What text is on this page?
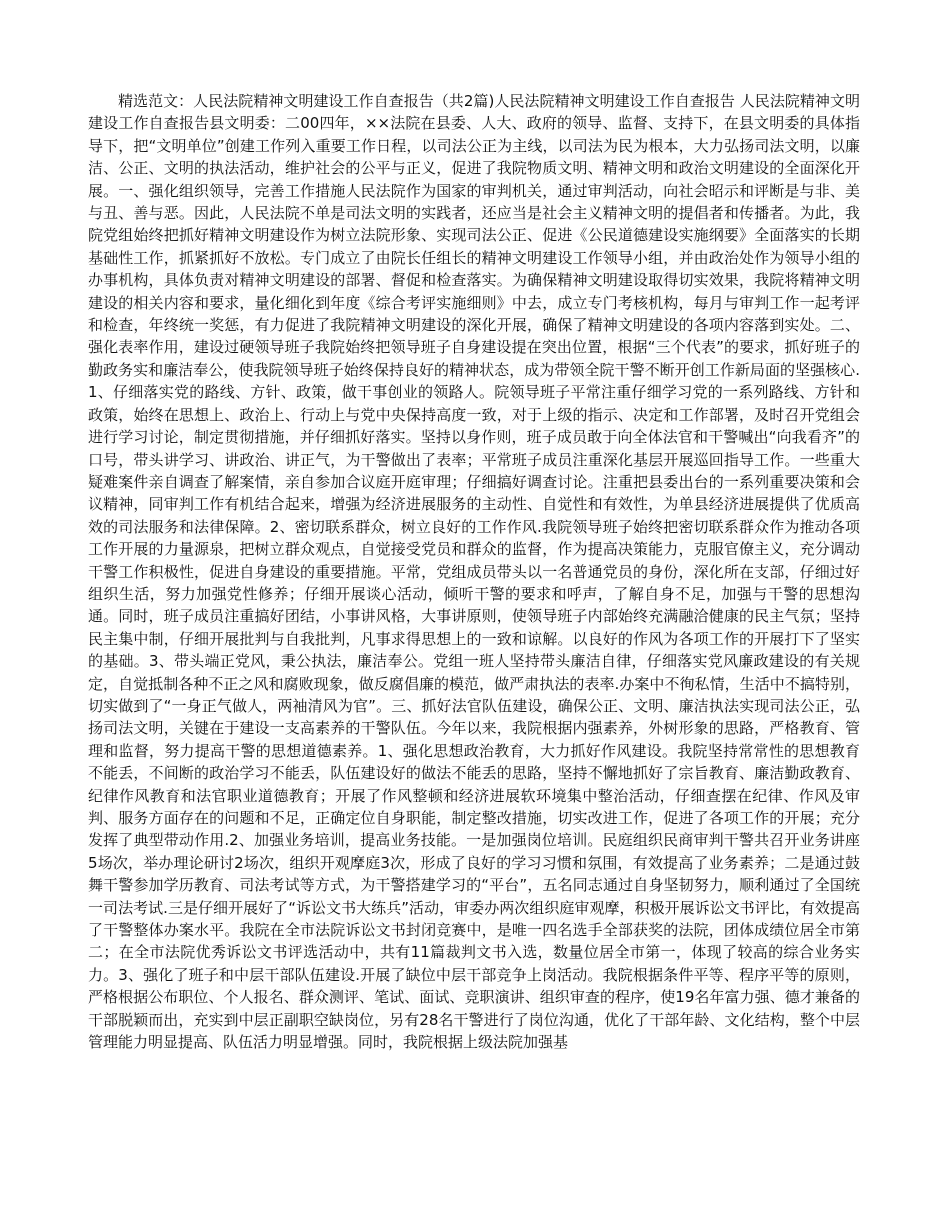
精选范文：人民法院精神文明建设工作自查报告（共2篇)人民法院精神文明建设工作自查报告 人民法院精神文明建设工作自查报告县文明委：二00四年，××法院在县委、人大、政府的领导、监督、支持下，在县文明委的具体指导下，把“文明单位”创建工作列入重要工作日程，以司法公正为主线，以司法为民为根本，大力弘扬司法文明，以廉洁、公正、文明的执法活动，维护社会的公平与正义，促进了我院物质文明、精神文明和政治文明建设的全面深化开展。一、强化组织领导，完善工作措施人民法院作为国家的审判机关，通过审判活动，向社会昭示和评断是与非、美与丑、善与恶。因此，人民法院不单是司法文明的实践者，还应当是社会主义精神文明的提倡者和传播者。为此，我院党组始终把抓好精神文明建设作为树立法院形象、实现司法公正、促进《公民道德建设实施纲要》全面落实的长期基础性工作，抓紧抓好不放松。专门成立了由院长任组长的精神文明建设工作领导小组，并由政治处作为领导小组的办事机构，具体负责对精神文明建设的部署、督促和检查落实。为确保精神文明建设取得切实效果，我院将精神文明建设的相关内容和要求，量化细化到年度《综合考评实施细则》中去，成立专门考核机构，每月与审判工作一起考评和检查，年终统一奖惩，有力促进了我院精神文明建设的深化开展，确保了精神文明建设的各项内容落到实处。二、强化表率作用，建设过硬领导班子我院始终把领导班子自身建设提在突出位置，根据“三个代表”的要求，抓好班子的勤政务实和廉洁奉公，使我院领导班子始终保持良好的精神状态，成为带领全院干警不断开创工作新局面的坚强核心.1、仔细落实党的路线、方针、政策，做干事创业的领路人。院领导班子平常注重仔细学习党的一系列路线、方针和政策，始终在思想上、政治上、行动上与党中央保持高度一致，对于上级的指示、决定和工作部署，及时召开党组会进行学习讨论，制定贯彻措施，并仔细抓好落实。坚持以身作则，班子成员敢于向全体法官和干警喊出“向我看齐”的口号，带头讲学习、讲政治、讲正气，为干警做出了表率；平常班子成员注重深化基层开展巡回指导工作。一些重大疑难案件亲自调查了解案情，亲自参加合议庭开庭审理；仔细搞好调查讨论。注重把县委出台的一系列重要决策和会议精神，同审判工作有机结合起来，增强为经济进展服务的主动性、自觉性和有效性，为单县经济进展提供了优质高效的司法服务和法律保障。2、密切联系群众，树立良好的工作作风.我院领导班子始终把密切联系群众作为推动各项工作开展的力量源泉，把树立群众观点，自觉接受党员和群众的监督，作为提高决策能力，克服官僚主义，充分调动干警工作积极性，促进自身建设的重要措施。平常，党组成员带头以一名普通党员的身份，深化所在支部，仔细过好组织生活，努力加强党性修养；仔细开展谈心活动，倾听干警的要求和呼声，了解自身不足，加强与干警的思想沟通。同时，班子成员注重搞好团结，小事讲风格，大事讲原则，使领导班子内部始终充满融洽健康的民主气氛；坚持民主集中制，仔细开展批判与自我批判，凡事求得思想上的一致和谅解。以良好的作风为各项工作的开展打下了坚实的基础。3、带头端正党风，秉公执法，廉洁奉公。党组一班人坚持带头廉洁自律，仔细落实党风廉政建设的有关规定，自觉抵制各种不正之风和腐败现象，做反腐倡廉的模范，做严肃执法的表率.办案中不徇私情，生活中不搞特别，切实做到了“一身正气做人，两袖清风为官”。三、抓好法官队伍建设，确保公正、文明、廉洁执法实现司法公正，弘扬司法文明，关键在于建设一支高素养的干警队伍。今年以来，我院根据内强素养，外树形象的思路，严格教育、管理和监督，努力提高干警的思想道德素养。1、强化思想政治教育，大力抓好作风建设。我院坚持常常性的思想教育不能丢，不间断的政治学习不能丢，队伍建设好的做法不能丢的思路，坚持不懈地抓好了宗旨教育、廉洁勤政教育、纪律作风教育和法官职业道德教育；开展了作风整顿和经济进展软环境集中整治活动，仔细查摆在纪律、作风及审判、服务方面存在的问题和不足，正确定位自身职能，制定整改措施，切实改进工作，促进了各项工作的开展；充分发挥了典型带动作用.2、加强业务培训，提高业务技能。一是加强岗位培训。民庭组织民商审判干警共召开业务讲座5场次，举办理论研讨2场次，组织开观摩庭3次，形成了良好的学习习惯和氛围，有效提高了业务素养；二是通过鼓舞干警参加学历教育、司法考试等方式，为干警搭建学习的“平台”，五名同志通过自身坚韧努力，顺利通过了全国统一司法考试.三是仔细开展好了“诉讼文书大练兵”活动，审委办两次组织庭审观摩，积极开展诉讼文书评比，有效提高了干警整体办案水平。我院在全市法院诉讼文书封闭竞赛中，是唯一四名选手全部获奖的法院，团体成绩位居全市第二；在全市法院优秀诉讼文书评选活动中，共有11篇裁判文书入选，数量位居全市第一，体现了较高的综合业务实力。3、强化了班子和中层干部队伍建设.开展了缺位中层干部竞争上岗活动。我院根据条件平等、程序平等的原则，严格根据公布职位、个人报名、群众测评、笔试、面试、竞职演讲、组织审查的程序，使19名年富力强、德才兼备的干部脱颖而出，充实到中层正副职空缺岗位，另有28名干警进行了岗位沟通，优化了干部年龄、文化结构，整个中层管理能力明显提高、队伍活力明显增强。同时，我院根据上级法院加强基
